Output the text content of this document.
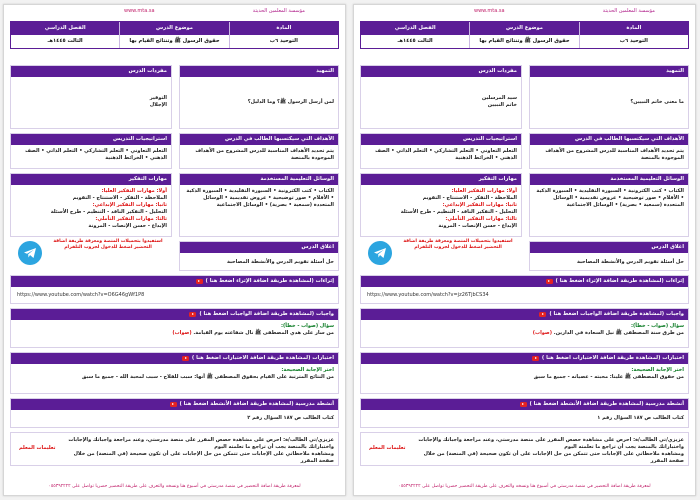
مؤسسة المعلمين الحديثة
www.mta.sa
المادة
موضوع الدرس
الفصل الدراسي
التوحيد ٦ب
حقوق الرسول ﷺ وتنتائج القيام بها
الثالث ١٤٤٥هـ
التمهيد
لمن أرسل الرسول ﷺ؟ وما الدليل؟
مفردات الدرس
التوقير
الإجلال
الأهداف التي سيكتسبها الطالب في الدرس
يتم تحديد الأهداف المناسبة للدرس المشروح من الأهداف الموجودة بالمنصة
استراتيجيات التدريس
التعلم التعاوني • التعلم التشاركي • التعلم الذاتي • الصف الذهني • الخرائط الذهنية
الوسائل التعليمية المستخدمة
الكتاب • كتب الكترونية • السبورة التقليدية • السبورة الذكية • الأقلام • صور توضيحية • عروض تقديمية • الوسائل المتعددة (سمعية • بصرية) • الوسائل الاجتماعية
مهارات التفكير
أولا: مهارات التفكير العليا:
الملاحظة - التفكر - الاستنتاج - التقويم
ثانيا: مهارات التفكير الإبداعي:
التحليل - التفكير الناقد - التنظيم - طرح الأسئلة
ثالثا: مهارات التفكير التأملي:
الإبداع - حسن الإنصات - المرونة
اغلاق الدرس
حل أسئلة تقويم الدرس والأنشطة المصاحبة
استفيدوا بتحميلات المنصة ومعرفة طريقة اضافة التحضير اضغط للدخول لجروب التلقرام
إثراءات (لمشاهدة طريقة اضافة الإثراء اضغط هنا )
https://www.youtube.com/watch?v=O6G46gWf1P8
واجبات (لمشاهدة طريقة اضافة الواجبات اضغط هنا )
سؤال (صواب - خطأ):
من سار على هدي المصطفى ﷺ نال شفاعته يوم القيامة. (صواب)
اختبارات (لمشاهدة طريقة اضافة الاختبارات اضغط هنا )
اختر الإجابة الصحيحة:
من النتائج المترتبة على القيام بحقوق المصطفى ﷺ أنها: سبب للفلاح - سبب لمحبة الله - جميع ما سبق
أنشطة مدرسية (لمشاهدة طريقة اضافة الأنشطة اضغط هنا )
كتاب الطالب ص ١٨٧ السؤال رقم ٢
عزيزي/تي الطالب/ة: احرص على مشاهدة حصص المقرر على منصة مدرستي، وعند مراجعة واجباتك والإجابات واختباراتك بالمنصة يجب أن تراجع ما تعلمته اليوم
ومشاهدة ملاحظاتي على الإجابات حتى تتمكن من حل الإجابات على أن تكون صحيحة (في المنصة) من خلال صفحة المقرر
تعليمات المعلم
لمعرفة طريقة اضافة التحضير في منصة مدرستي في أسبوع هنا ونسخه والتعرف على طريقة التحضير حصريا تواصل على ٠٥٥٣٩٢٢٢٢
مؤسسة المعلمين الحديثة
www.mta.sa
المادة
موضوع الدرس
الفصل الدراسي
التوحيد ٦ب
حقوق الرسول ﷺ وتنتائج القيام بها
الثالث ١٤٤٥هـ
التمهيد
ما معنى خاتم النبيين؟
مفردات الدرس
سيد المرسلين
خاتم النبيين
الأهداف التي سيكتسبها الطالب في الدرس
يتم تحديد الأهداف المناسبة للدرس المشروح من الأهداف الموجودة بالمنصة
استراتيجيات التدريس
التعلم التعاوني • التعلم التشاركي • التعلم الذاتي • الصف الذهني • الخرائط الذهنية
الوسائل التعليمية المستخدمة
الكتاب • كتب الكترونية • السبورة التقليدية • السبورة الذكية • الأقلام • صور توضيحية • عروض تقديمية • الوسائل المتعددة (سمعية • بصرية) • الوسائل الاجتماعية
مهارات التفكير
أولا: مهارات التفكير العليا:
الملاحظة - التفكر - الاستنتاج - التقويم
ثانيا: مهارات التفكير الإبداعي:
التحليل - التفكير الناقد - التنظيم - طرح الأسئلة
ثالثا: مهارات التفكير التأملي:
الإبداع - حسن الإنصات - المرونة
اغلاق الدرس
حل أسئلة تقويم الدرس والأنشطة المصاحبة
استفيدوا بتحميلات المنصة ومعرفة طريقة اضافة التحضير اضغط للدخول لجروب التلقرام
إثراءات (لمشاهدة طريقة اضافة الإثراء اضغط هنا )
https://www.youtube.com/watch?v=jz26TjbCS34
واجبات (لمشاهدة طريقة اضافة الواجبات اضغط هنا )
سؤال (صواب - خطأ):
من طرق سنة المصطفى ﷺ نيل السعادة في الدارين. (صواب)
اختبارات (لمشاهدة طريقة اضافة الاختبارات اضغط هنا )
اختر الإجابة الصحيحة:
من حقوق المصطفى ﷺ علينا: محبته - عصيانه - جميع ما سبق
أنشطة مدرسية (لمشاهدة طريقة اضافة الأنشطة اضغط هنا )
كتاب الطالب ص ١٨٧ السؤال رقم ١
عزيزي/تي الطالب/ة: احرص على مشاهدة حصص المقرر على منصة مدرستي، وعند مراجعة واجباتك والإجابات واختباراتك بالمنصة يجب أن تراجع ما تعلمته اليوم
ومشاهدة ملاحظاتي على الإجابات حتى تتمكن من حل الإجابات على أن تكون صحيحة (في المنصة) من خلال صفحة المقرر
تعليمات المعلم
لمعرفة طريقة اضافة التحضير في منصة مدرستي في أسبوع هنا ونسخه والتعرف على طريقة التحضير حصريا تواصل على ٠٥٥٣٩٢٢٢٢
